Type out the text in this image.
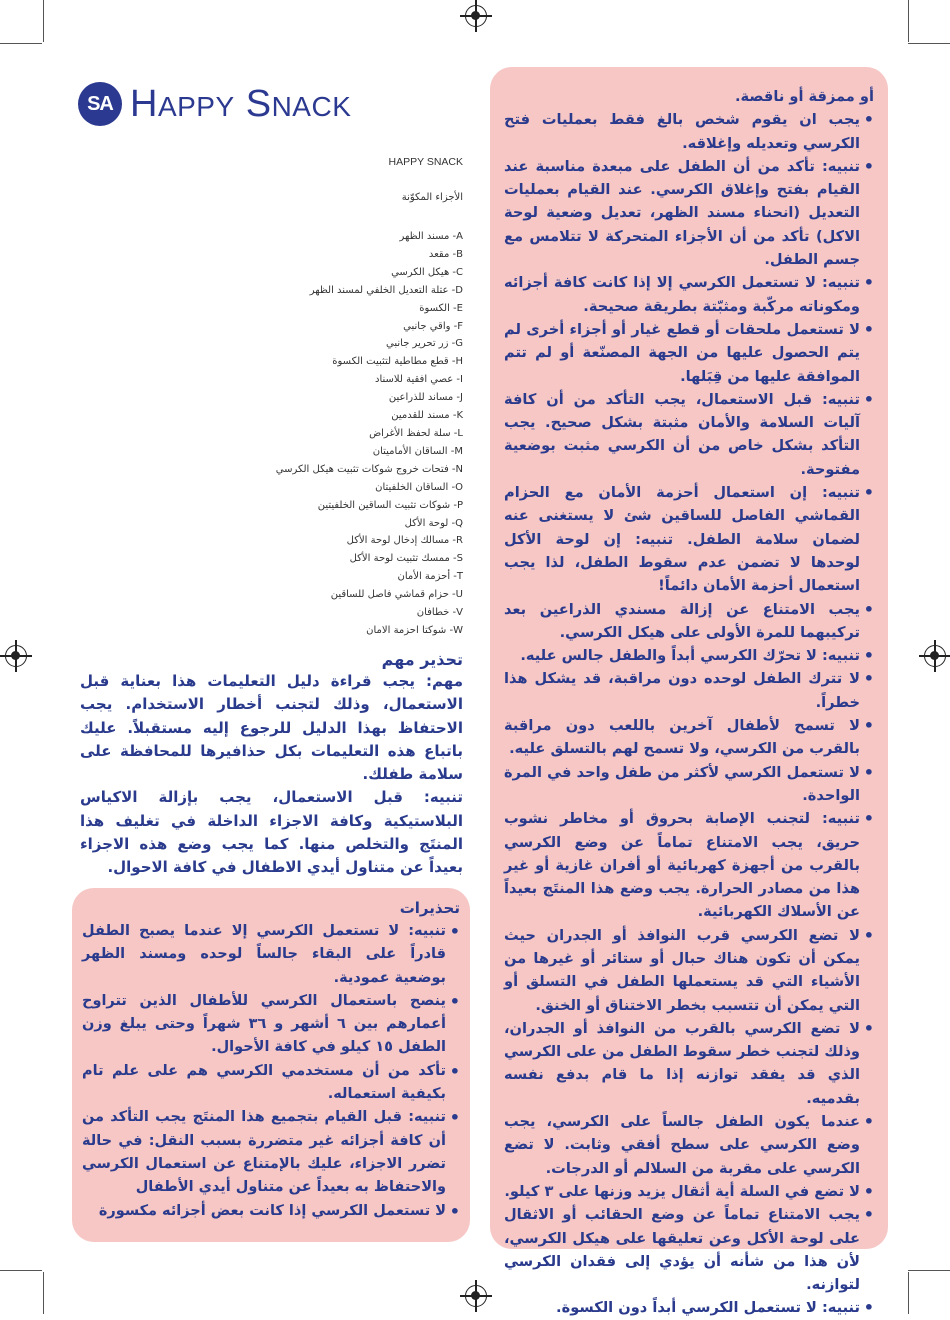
SA HAPPY SNACK
HAPPY SNACK
الأجزاء المكوّنة
A- مسند الظهر
B- مقعد
C- هيكل الكرسي
D- عتلة التعديل الخلفي لمسند الظهر
E- الكسوة
F- واقي جانبي
G- زر تحرير جانبي
H- قطع مطاطية لتثبيت الكسوة
I- عصي افقية للاسناد
J- مساند للذراعين
K- مسند للقدمين
L- سلة لحفظ الأغراض
M- الساقان الأماميتان
N- فتحات خروج شوكات تثبيت هيكل الكرسي
O- الساقان الخلفيتان
P- شوكات تثبيت الساقين الخلفيتين
Q- لوحة الأكل
R- مسالك إدخال لوحة الأكل
S- ممسك تثبيت لوحة الأكل
T- أحزمة الأمان
U- حزام قماشي فاصل للساقين
V- خطافان
W- شوكتا احزمة الامان
تحذير مهم

مهم: يجب قراءة دليل التعليمات هذا بعناية قبل الاستعمال، وذلك لتجنب أخطار الاستخدام. يجب الاحتفاظ بهذا الدليل للرجوع إليه مستقبلاً. عليك باتباع هذه التعليمات بكل حذافيرها للمحافظة على سلامة طفلك.

تنبيه: قبل الاستعمال، يجب بإزالة الاكياس البلاستيكية وكافة الاجزاء الداخلة في تغليف هذا المنتَج والتخلص منها. كما يجب وضع هذه الاجزاء بعيداً عن متناول أيدي الاطفال في كافة الاحوال.

تحذيرات
• تنبيه: لا تستعمل الكرسي إلا عندما يصبح الطفل قادراً على البقاء جالساً لوحده ومسند الظهر بوضعية عمودية.
• ينصح باستعمال الكرسي للأطفال الذين تتراوح أعمارهم بين ٦ أشهر و ٣٦ شهراً وحتى يبلغ وزن الطفل ١٥ كيلو في كافة الأحوال.
• تأكد من أن مستخدمي الكرسي هم على علم تام بكيفية استعماله.
• تنبيه: قبل القيام بتجميع هذا المنتَج يجب التأكد من أن كافة أجزائه غير متضررة بسبب النقل: في حالة تضرر الاجزاء، عليك بالإمتناع عن استعمال الكرسي والاحتفاظ به بعيداً عن متناول أيدي الأطفال
• لا تستعمل الكرسي إذا كانت بعض أجزائه مكسورة
أو ممزقة أو ناقصة.
• يجب ان يقوم شخص بالغ فقط بعمليات فتح الكرسي وتعديله وإغلاقه.
• تنبيه: تأكد من أن الطفل على مبعدة مناسبة عند القيام بفتح وإغلاق الكرسي. عند القيام بعمليات التعديل (انحناء مسند الظهر، تعديل وضعية لوحة الاكل) تأكد من أن الأجزاء المتحركة لا تتلامس مع جسم الطفل.
• تنبيه: لا تستعمل الكرسي إلا إذا كانت كافة أجزائه ومكوناته مركّبة ومثبّتة بطريقة صحيحة.
• لا تستعمل ملحقات أو قطع غيار أو أجزاء أخرى لم يتم الحصول عليها من الجهة المصنّعة أو لم تتم الموافقة عليها من قِبَلها.
• تنبيه: قبل الاستعمال، يجب التأكد من أن كافة آليات السلامة والأمان مثبتة بشكل صحيح. يجب التأكد بشكل خاص من أن الكرسي مثبت بوضعية مفتوحة.
• تنبيه: إن استعمال أحزمة الأمان مع الحزام القماشي الفاصل للساقين شئ لا يستغنى عنه لضمان سلامة الطفل. تنبيه: إن لوحة الأكل لوحدها لا تضمن عدم سقوط الطفل، لذا يجب استعمال أحزمة الأمان دائماً!
• يجب الامتناع عن إزالة مسندي الذراعين بعد تركيبهما للمرة الأولى على هيكل الكرسي.
• تنبيه: لا تحرّك الكرسي أبداً والطفل جالس عليه.
• لا تترك الطفل لوحده دون مراقبة، قد يشكل هذا خطراً.
• لا تسمح لأطفال آخرين باللعب دون مراقبة بالقرب من الكرسي، ولا تسمح لهم بالتسلق عليه.
• لا تستعمل الكرسي لأكثر من طفل واحد في المرة الواحدة.
• تنبيه: لتجنب الإصابة بحروق أو مخاطر نشوب حريق، يجب الامتناع تماماً عن وضع الكرسي بالقرب من أجهزة كهربائية أو أفران غازية أو غير هذا من مصادر الحرارة. يجب وضع هذا المنتَج بعيداً عن الأسلاك الكهربائية.
• لا تضع الكرسي قرب النوافذ أو الجدران حيث يمكن أن تكون هناك حبال أو ستائر أو غيرها من الأشياء التي قد يستعملها الطفل في التسلق أو التي يمكن أن تتسبب بخطر الاختناق أو الخنق.
• لا تضع الكرسي بالقرب من النوافذ أو الجدران، وذلك لتجنب خطر سقوط الطفل من على الكرسي الذي قد يفقد توازنه إذا ما قام بدفع نفسه بقدميه.
• عندما يكون الطفل جالساً على الكرسي، يجب وضع الكرسي على سطح أفقي وثابت. لا تضع الكرسي على مقربة من السلالم أو الدرجات.
• لا تضع في السلة أية أثقال يزيد وزنها على ٣ كيلو.
• يجب الامتناع تماماً عن وضع الحقائب أو الاثقال على لوحة الأكل وعن تعليقها على هيكل الكرسي، لأن هذا من شأنه أن يؤدي إلى فقدان الكرسي لتوازنه.
• تنبيه: لا تستعمل الكرسي أبداً دون الكسوة.
